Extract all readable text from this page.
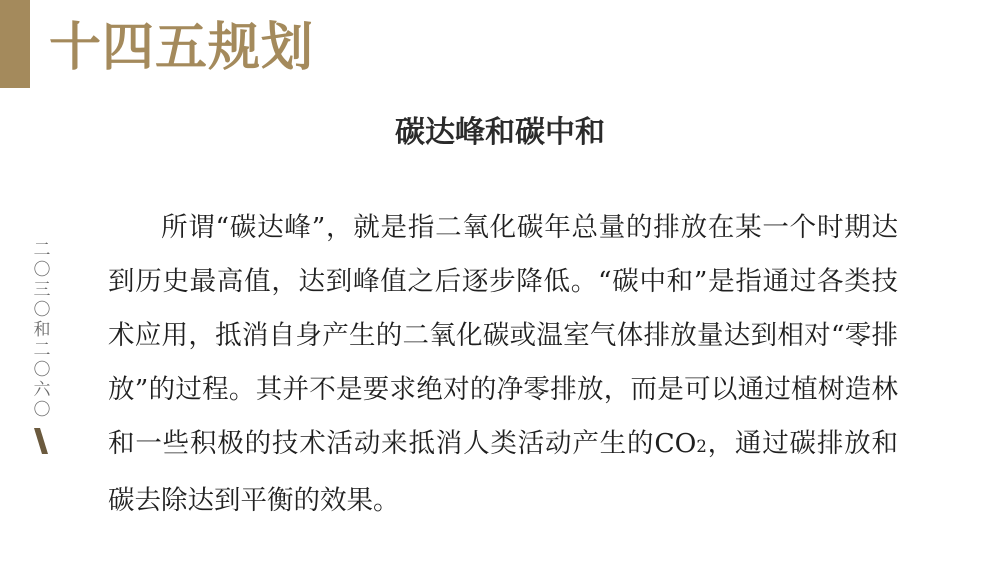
十四五规划
二〇三〇和二〇六〇
碳达峰和碳中和

所谓“碳达峰”，就是指二氧化碳年总量的排放在某一个时期达到历史最高值，达到峰值之后逐步降低。“碳中和”是指通过各类技术应用，抵消自身产生的二氧化碳或温室气体排放量达到相对“零排放”的过程。其并不是要求绝对的净零排放，而是可以通过植树造林和一些积极的技术活动来抵消人类活动产生的CO2，通过碳排放和碳去除达到平衡的效果。
